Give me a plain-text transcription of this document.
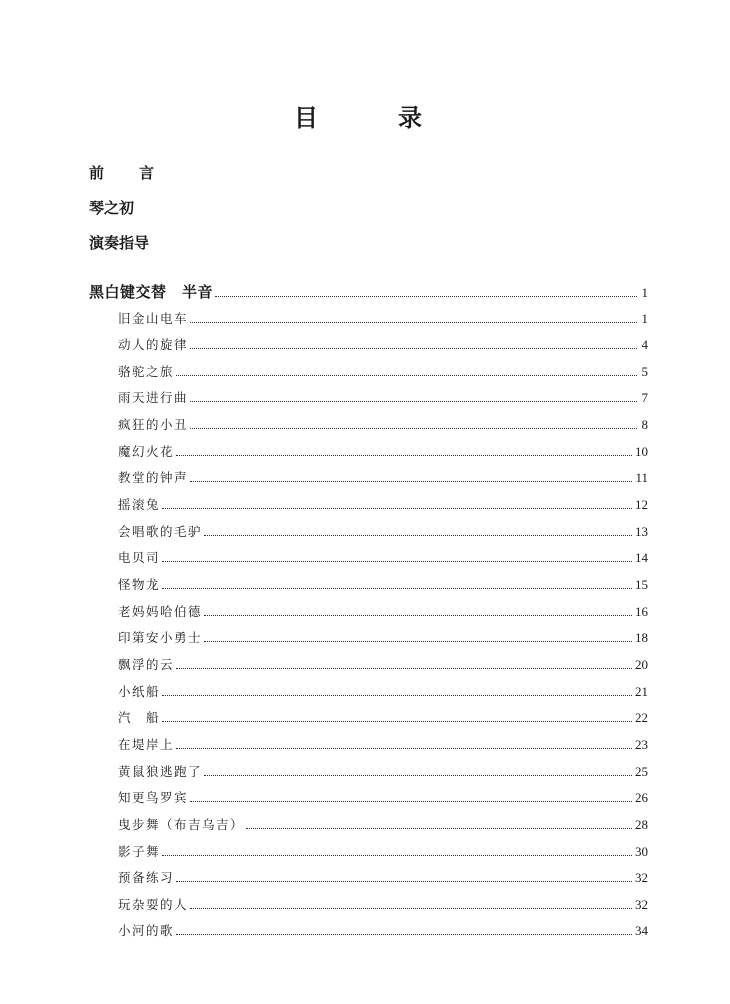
目　录
前　言
琴之初
演奏指导
黑白键交替　半音	1
旧金山电车	1
动人的旋律	4
骆驼之旅	5
雨天进行曲	7
疯狂的小丑	8
魔幻火花	10
教堂的钟声	11
摇滚兔	12
会唱歌的毛驴	13
电贝司	14
怪物龙	15
老妈妈哈伯德	16
印第安小勇士	18
飘浮的云	20
小纸船	21
汽　船	22
在堤岸上	23
黄鼠狼逃跑了	25
知更鸟罗宾	26
曳步舞（布吉乌吉）	28
影子舞	30
预备练习	32
玩杂耍的人	32
小河的歌	34
